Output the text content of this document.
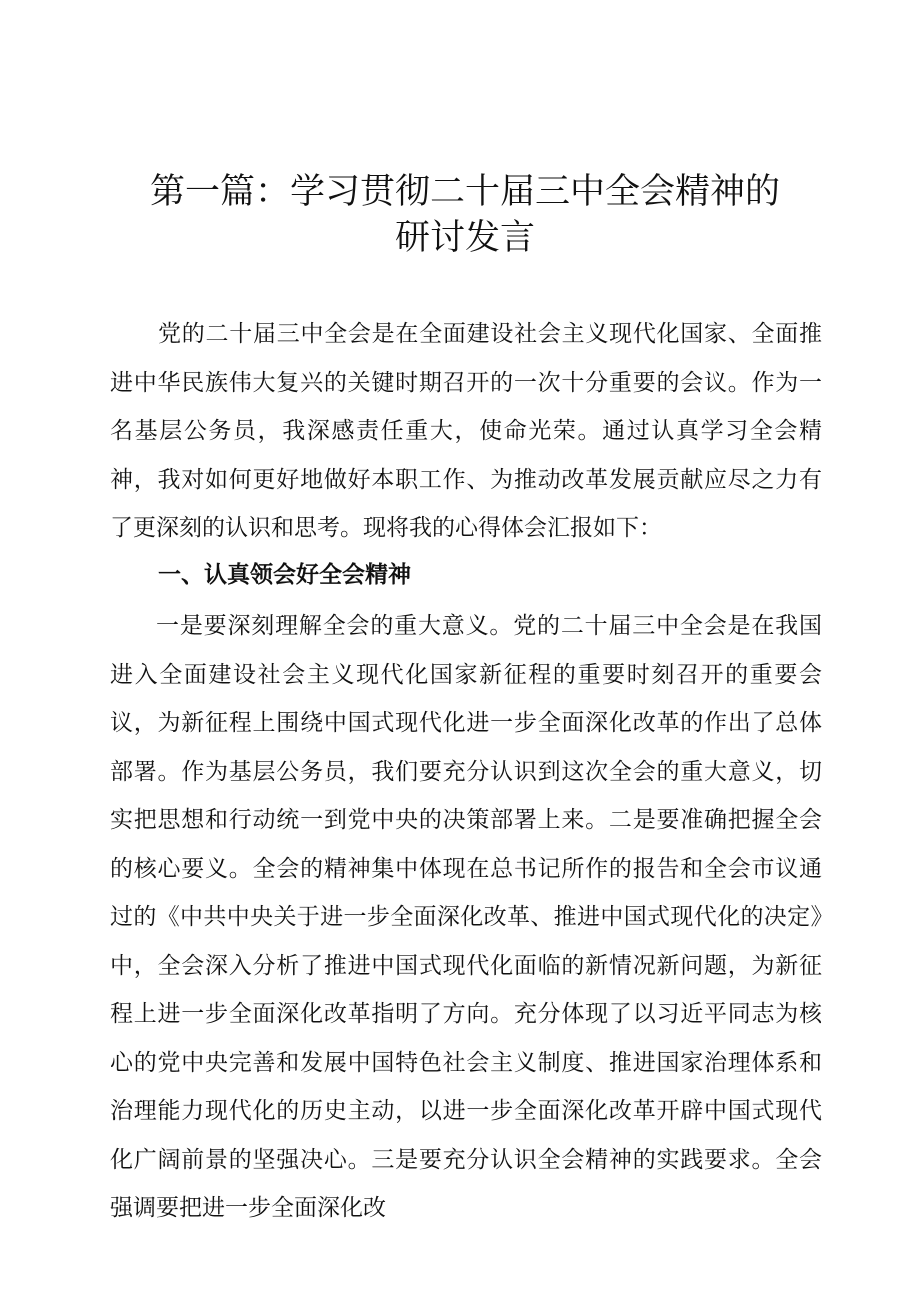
第一篇：学习贯彻二十届三中全会精神的
研讨发言

党的二十届三中全会是在全面建设社会主义现代化国家、全面推进中华民族伟大复兴的关键时期召开的一次十分重要的会议。作为一名基层公务员，我深感责任重大，使命光荣。通过认真学习全会精神，我对如何更好地做好本职工作、为推动改革发展贡献应尽之力有了更深刻的认识和思考。现将我的心得体会汇报如下：

一、认真领会好全会精神

一是要深刻理解全会的重大意义。党的二十届三中全会是在我国进入全面建设社会主义现代化国家新征程的重要时刻召开的重要会议，为新征程上围绕中国式现代化进一步全面深化改革的作出了总体部署。作为基层公务员，我们要充分认识到这次全会的重大意义，切实把思想和行动统一到党中央的决策部署上来。二是要准确把握全会的核心要义。全会的精神集中体现在总书记所作的报告和全会市议通过的《中共中央关于进一步全面深化改革、推进中国式现代化的决定》中，全会深入分析了推进中国式现代化面临的新情况新问题，为新征程上进一步全面深化改革指明了方向。充分体现了以习近平同志为核心的党中央完善和发展中国特色社会主义制度、推进国家治理体系和治理能力现代化的历史主动，以进一步全面深化改革开辟中国式现代化广阔前景的坚强决心。三是要充分认识全会精神的实践要求。全会强调要把进一步全面深化改
